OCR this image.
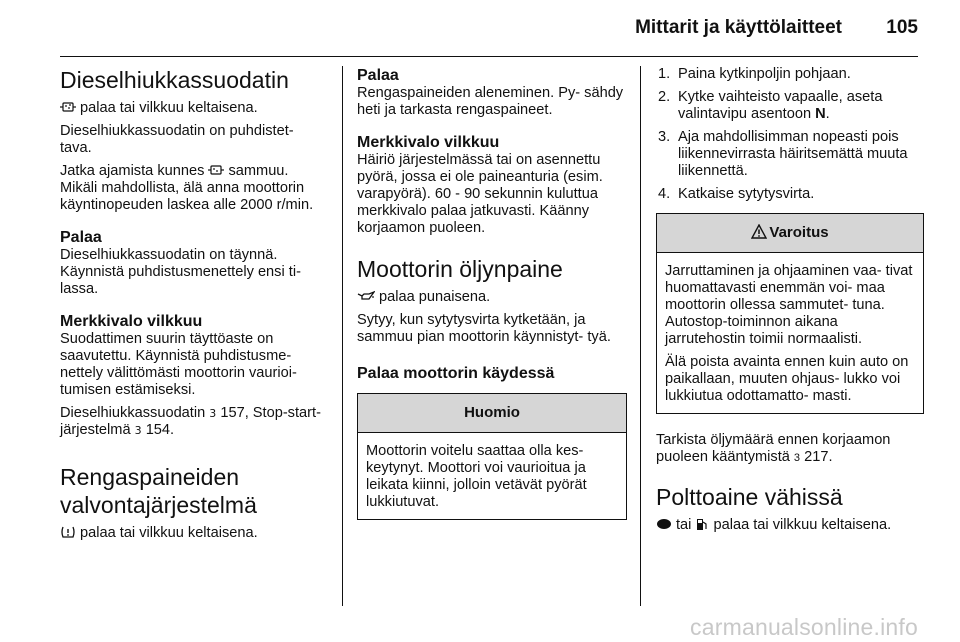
Mittarit ja käyttölaitteet 105
Dieselhiukkassuodatin

palaa tai vilkkuu keltaisena.

Dieselhiukkassuodatin on puhdistet- tava.

Jatka ajamista kunnes sammuu. Mikäli mahdollista, älä anna moottorin käyntinopeuden laskea alle 2000 r/min.

Palaa

Dieselhiukkassuodatin on täynnä. Käynnistä puhdistusmenettely ensi ti- lassa.

Merkkivalo vilkkuu

Suodattimen suurin täyttöaste on saavutettu. Käynnistä puhdistusme- nettely välittömästi moottorin vaurioi- tumisen estämiseksi.

Dieselhiukkassuodatin 3 157, Stop-start-järjestelmä 3 154.

Rengaspaineiden valvontajärjestelmä

palaa tai vilkkuu keltaisena.

Palaa

Rengaspaineiden aleneminen. Py- sähdy heti ja tarkasta rengaspaineet.

Merkkivalo vilkkuu

Häiriö järjestelmässä tai on asennettu pyörä, jossa ei ole paineanturia (esim. varapyörä). 60 - 90 sekunnin kuluttua merkkivalo palaa jatkuvasti. Käänny korjaamon puoleen.

Moottorin öljynpaine

palaa punaisena.

Sytyy, kun sytytysvirta kytketään, ja sammuu pian moottorin käynnistyt- tyä.

Palaa moottorin käydessä
Huomio

Moottorin voitelu saattaa olla kes- keytynyt. Moottori voi vaurioitua ja leikata kiinni, jolloin vetävät pyörät lukkiutuvat.

1. Paina kytkinpoljin pohjaan.
2. Kytke vaihteisto vapaalle, aseta valintavipu asentoon N.
3. Aja mahdollisimman nopeasti pois liikennevirrasta häiritsemättä muuta liikennettä.
4. Katkaise sytytysvirta.
Varoitus

Jarruttaminen ja ohjaaminen vaa- tivat huomattavasti enemmän voi- maa moottorin ollessa sammutet- tuna. Autostop-toiminnon aikana jarrutehostin toimii normaalisti.

Älä poista avainta ennen kuin auto on paikallaan, muuten ohjaus- lukko voi lukkiutua odottamatto- masti.

Tarkista öljymäärä ennen korjaamon puoleen kääntymistä 3 217.

Polttoaine vähissä

tai palaa tai vilkkuu keltaisena.

carmanualsonline.info
